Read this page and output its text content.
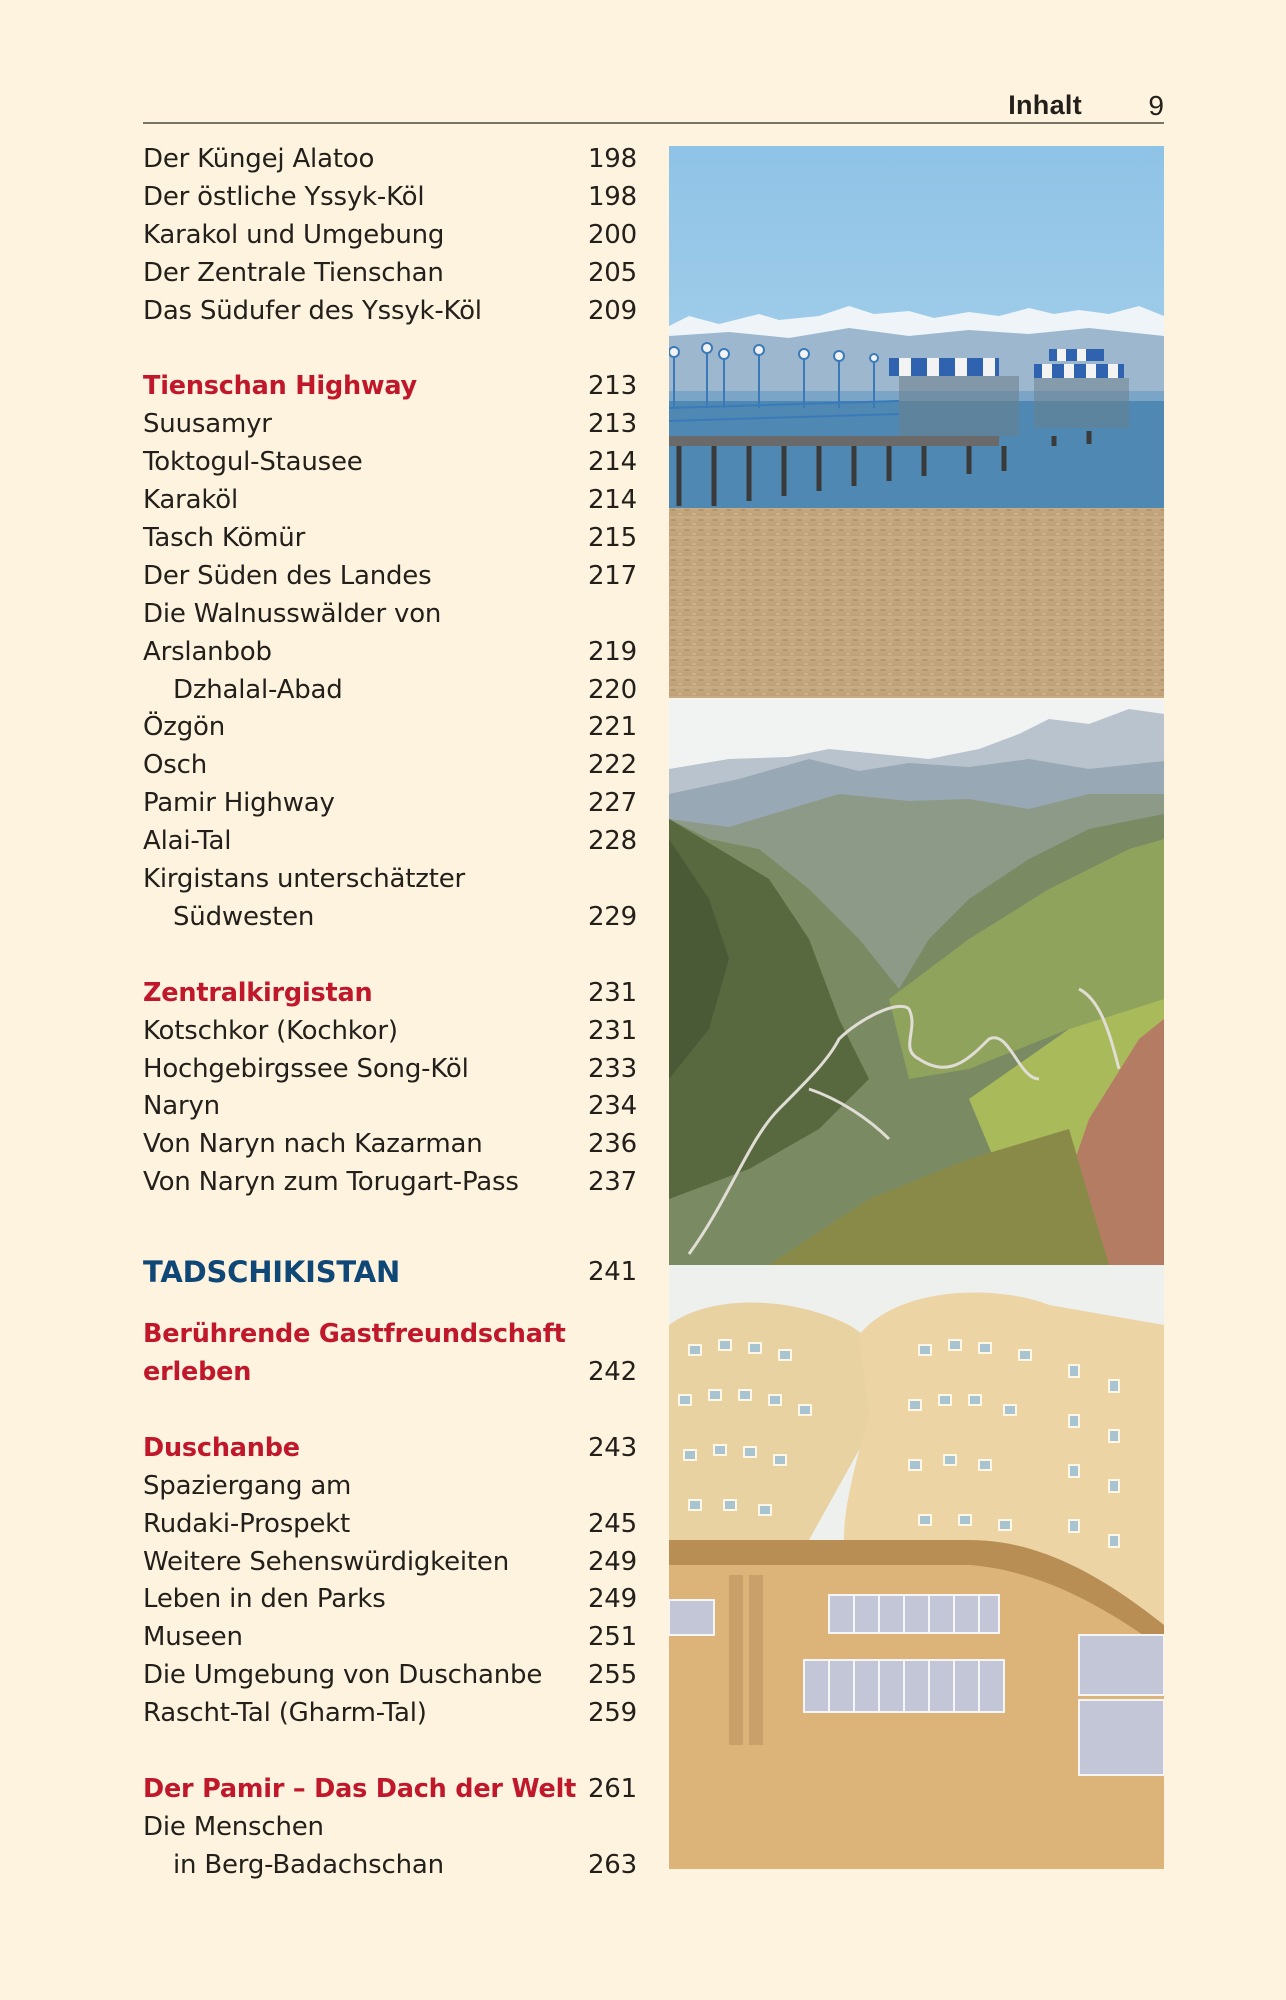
Inhalt 9
Der Küngej Alatoo	198
Der östliche Yssyk-Köl	198
Karakol und Umgebung	200
Der Zentrale Tienschan	205
Das Südufer des Yssyk-Köl	209
Tienschan Highway	213
Suusamyr	213
Toktogul-Stausee	214
Karaköl	214
Tasch Kömür	215
Der Süden des Landes	217
Die Walnusswälder von
Arslanbob	219
Dzhalal-Abad	220
Özgön	221
Osch	222
Pamir Highway	227
Alai-Tal	228
Kirgistans unterschätzter
Südwesten	229
Zentralkirgistan	231
Kotschkor (Kochkor)	231
Hochgebirgssee Song-Köl	233
Naryn	234
Von Naryn nach Kazarman	236
Von Naryn zum Torugart-Pass	237
TADSCHIKISTAN	241
Berührende Gastfreundschaft
erleben	242
Duschanbe	243
Spaziergang am
Rudaki-Prospekt	245
Weitere Sehenswürdigkeiten	249
Leben in den Parks	249
Museen	251
Die Umgebung von Duschanbe 255
Rascht-Tal (Gharm-Tal)	259
Der Pamir – Das Dach der Welt 261
Die Menschen
in Berg-Badachschan	263
